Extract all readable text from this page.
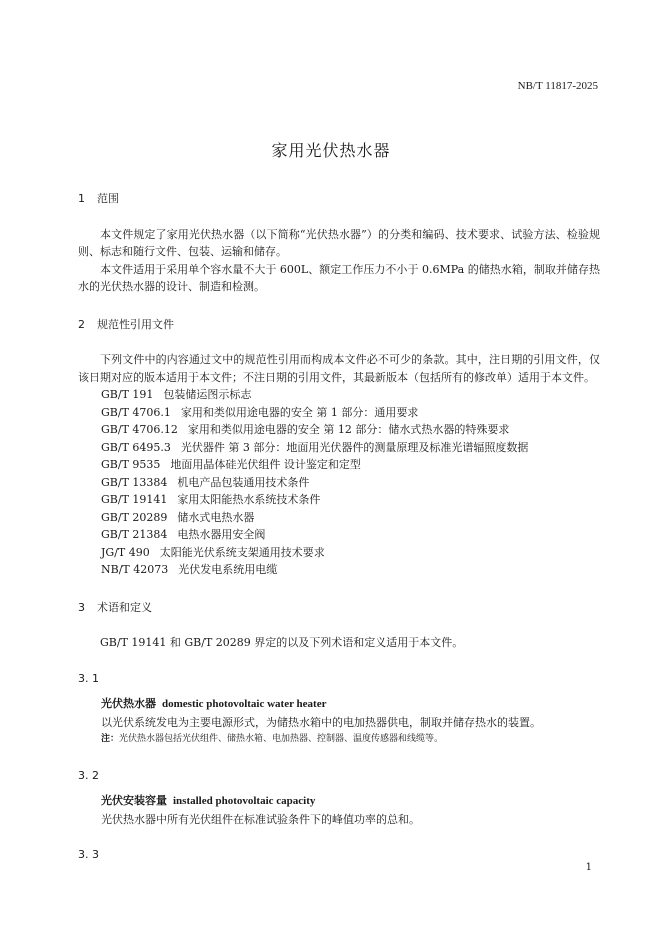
NB/T 11817-2025
家用光伏热水器

1 范围

本文件规定了家用光伏热水器（以下简称“光伏热水器”）的分类和编码、技术要求、试验方法、检验规则、标志和随行文件、包装、运输和储存。

本文件适用于采用单个容水量不大于 600L、额定工作压力不小于 0.6MPa 的储热水箱，制取并储存热水的光伏热水器的设计、制造和检测。

2 规范性引用文件

下列文件中的内容通过文中的规范性引用而构成本文件必不可少的条款。其中，注日期的引用文件，仅该日期对应的版本适用于本文件；不注日期的引用文件，其最新版本（包括所有的修改单）适用于本文件。

GB/T 191 包装储运图示标志
GB/T 4706.1 家用和类似用途电器的安全 第 1 部分：通用要求
GB/T 4706.12 家用和类似用途电器的安全 第 12 部分：储水式热水器的特殊要求
GB/T 6495.3 光伏器件 第 3 部分：地面用光伏器件的测量原理及标准光谱辐照度数据
GB/T 9535 地面用晶体硅光伏组件 设计鉴定和定型
GB/T 13384 机电产品包装通用技术条件
GB/T 19141 家用太阳能热水系统技术条件
GB/T 20289 储水式电热水器
GB/T 21384 电热水器用安全阀
JG/T 490 太阳能光伏系统支架通用技术要求
NB/T 42073 光伏发电系统用电缆

3 术语和定义

GB/T 19141 和 GB/T 20289 界定的以及下列术语和定义适用于本文件。

3. 1

光伏热水器 domestic photovoltaic water heater

以光伏系统发电为主要电源形式，为储热水箱中的电加热器供电，制取并储存热水的装置。

注：光伏热水器包括光伏组件、储热水箱、电加热器、控制器、温度传感器和线缆等。

3. 2

光伏安装容量 installed photovoltaic capacity

光伏热水器中所有光伏组件在标准试验条件下的峰值功率的总和。

3. 3

1
